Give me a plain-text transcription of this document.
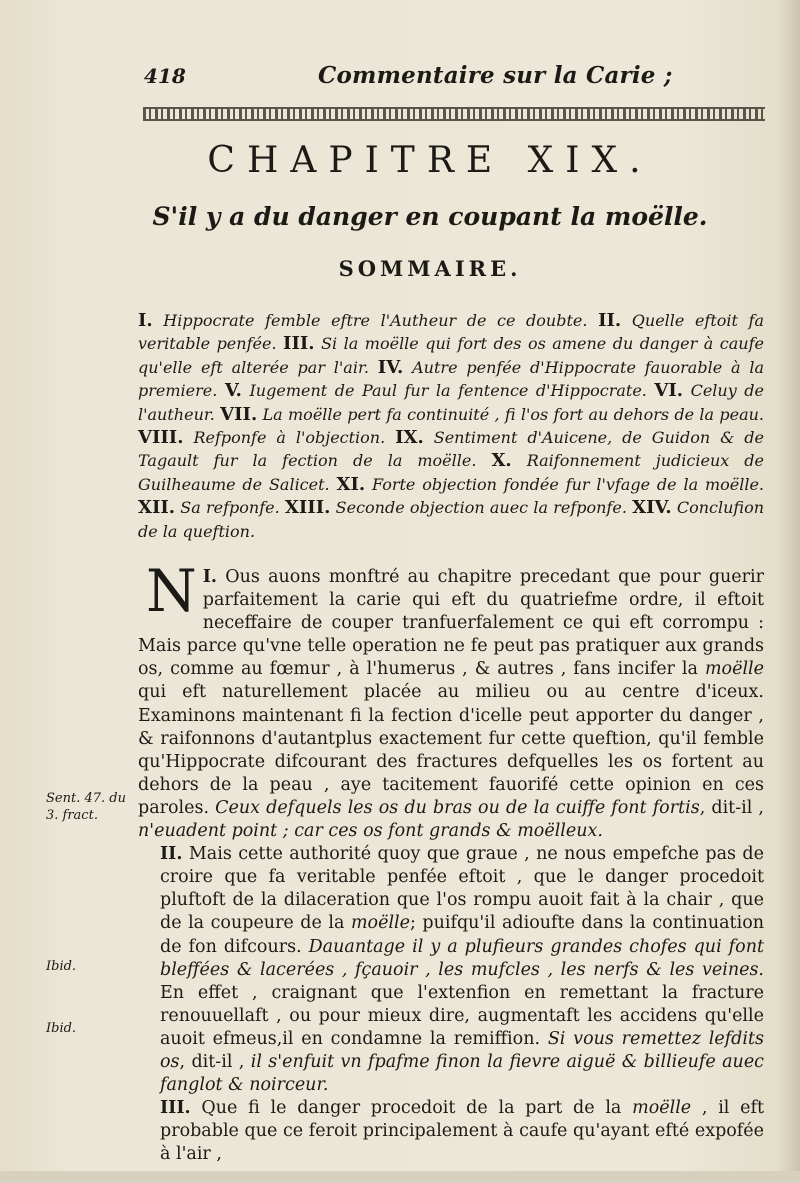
418	Commentaire sur la Carie ;
CHAPITRE XIX.
S'il y a du danger en coupant la moëlle.
SOMMAIRE.
I. Hippocrate femble eftre l'Autheur de ce doubte. II. Quelle eftoit fa veritable penfée. III. Si la moëlle qui fort des os amene du danger à caufe qu'elle eft alterée par l'air. IV. Autre penfée d'Hippocrate fauorable à la premiere. V. Iugement de Paul fur la fentence d'Hippocrate. VI. Celuy de l'autheur. VII. La moëlle pert fa continuité , fi l'os fort au dehors de la peau. VIII. Refponfe à l'objection. IX. Sentiment d'Auicene, de Guidon & de Tagault fur la fection de la moëlle. X. Raifonnement judicieux de Guilheaume de Salicet. XI. Forte objection fondée fur l'vfage de la moëlle. XII. Sa refponfe. XIII. Seconde objection auec la refponfe. XIV. Conclufion de la queftion.

I.
N Ous auons monftré au chapitre precedant que pour guerir parfaitement la carie qui eft du quatriefme ordre, il eftoit neceffaire de couper tranfuerfalement ce qui eft corrompu : Mais parce qu'vne telle operation ne fe peut pas pratiquer aux grands os, comme au fœmur , à l'humerus , & autres , fans incifer la moëlle qui eft naturellement placée au milieu ou au centre d'iceux. Examinons maintenant fi la fection d'icelle peut apporter du danger , & raifonnons d'autantplus exactement fur cette queftion, qu'il femble qu'Hippocrate difcourant des fractures defquelles les os fortent au dehors de la peau , aye tacitement fauorifé cette opinion en ces paroles. Ceux defquels les os du bras ou de la cuiffe font fortis, dit-il , n'euadent point ; car ces os font grands & moëlleux.

II. Mais cette authorité quoy que graue , ne nous empefche pas de croire que fa veritable penfée eftoit , que le danger procedoit pluftoft de la dilaceration que l'os rompu auoit fait à la chair , que de la coupeure de la moëlle; puifqu'il adioufte dans la continuation de fon difcours. Dauantage il y a plufieurs grandes chofes qui font bleffées & lacerées , fçauoir , les mufcles , les nerfs & les veines. En effet , craignant que l'extenfion en remettant la fracture renouuellaft , ou pour mieux dire, augmentaft les accidens qu'elle auoit efmeus,il en condamne la remiffion. Si vous remettez lefdits os, dit-il , il s'enfuit vn fpafme finon la fievre aiguë & billieufe auec fanglot & noirceur.

III. Que fi le danger procedoit de la part de la moëlle , il eft probable que ce feroit principalement à caufe qu'ayant efté expofée à l'air ,

Sent. 47. du
3. fract.
Ibid.
Ibid.
